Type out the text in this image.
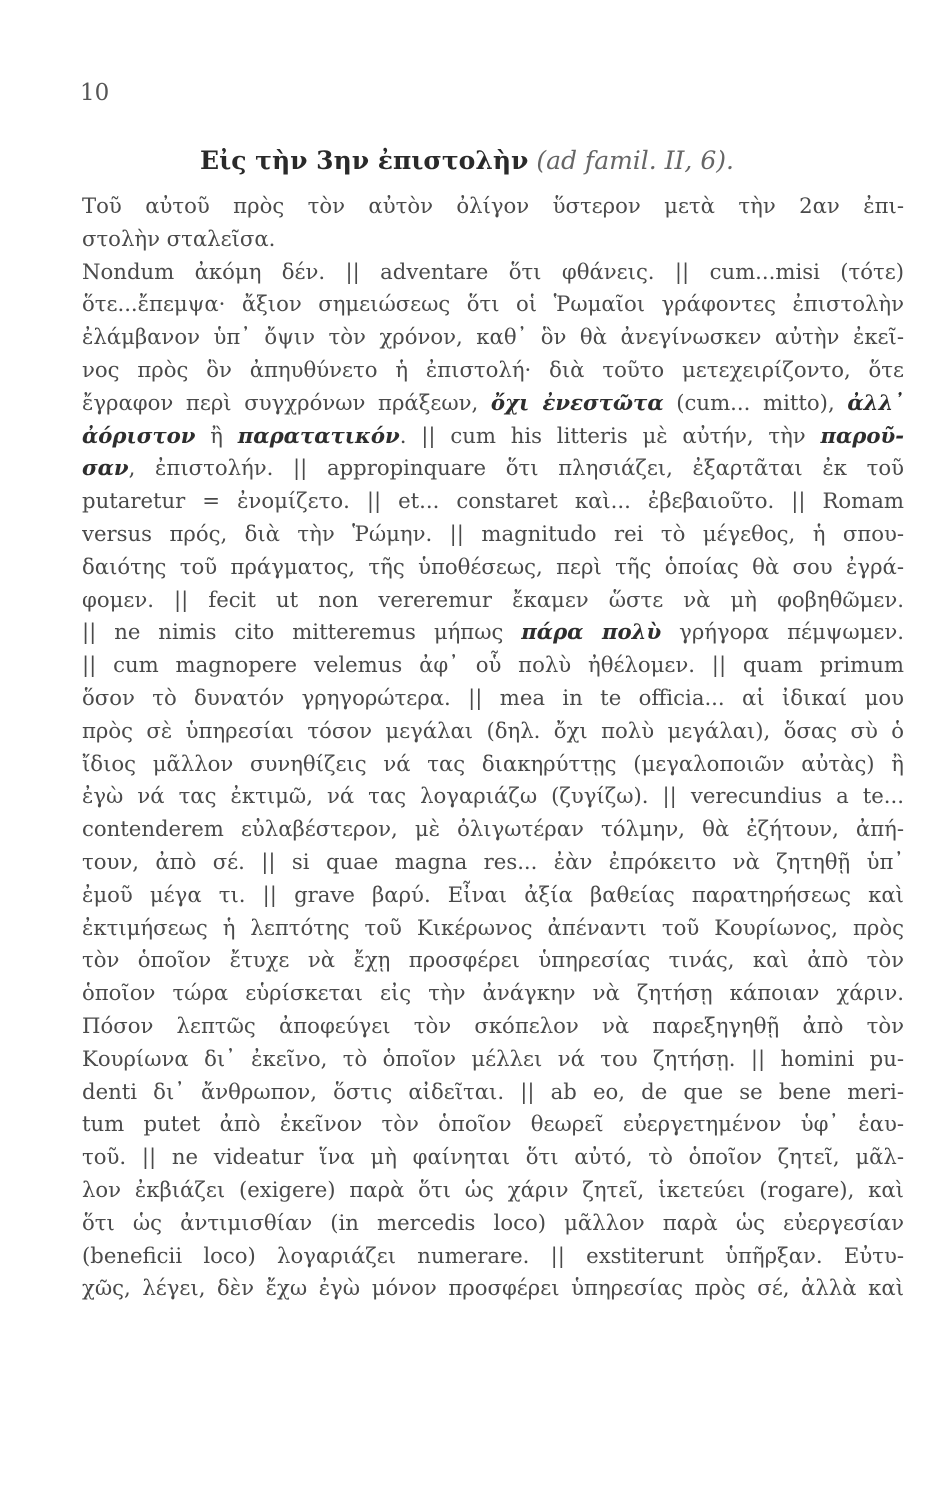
10
Εἰς τὴν 3ην ἐπιστολὴν (ad famil. II, 6).
Τοῦ αὐτοῦ πρὸς τὸν αὐτὸν ὀλίγον ὕστερον μετὰ τὴν 2αν ἐπι-
στολὴν σταλεῖσα.
Nondum ἀκόμη δέν. || adventare ὅτι φθάνεις. || cum...misi (τότε)
ὅτε...ἔπεμψα· ἄξιον σημειώσεως ὅτι οἱ Ῥωμαῖοι γράφοντες ἐπιστολὴν
ἐλάμβανον ὑπ᾽ ὄψιν τὸν χρόνον, καθ᾽ ὃν θὰ ἀνεγίνωσκεν αὐτὴν ἐκεῖ-
νος πρὸς ὃν ἀπηυθύνετο ἡ ἐπιστολή· διὰ τοῦτο μετεχειρίζοντο, ὅτε
ἔγραφον περὶ συγχρόνων πράξεων, ὄχι ἐνεστῶτα (cum... mitto), ἀλλ᾽
ἀόριστον ἢ παρατατικόν. || cum his litteris μὲ αὐτήν, τὴν παροῦ-
σαν, ἐπιστολήν. || appropinquare ὅτι πλησιάζει, ἐξαρτᾶται ἐκ τοῦ
putaretur = ἐνομίζετο. || et... constaret καὶ... ἐβεβαιοῦτο. || Romam
versus πρός, διὰ τὴν Ῥώμην. || magnitudo rei τὸ μέγεθος, ἡ σπου-
δαιότης τοῦ πράγματος, τῆς ὑποθέσεως, περὶ τῆς ὁποίας θὰ σου ἐγρά-
φομεν. || fecit ut non vereremur ἔκαμεν ὥστε νὰ μὴ φοβηθῶμεν.
|| ne nimis cito mitteremus μήπως πάρα πολὺ γρήγορα πέμψωμεν.
|| cum magnopere velemus ἀφ᾽ οὗ πολὺ ἠθέλομεν. || quam primum
ὅσον τὸ δυνατόν γρηγορώτερα. || mea in te officia... αἱ ἰδικαί μου
πρὸς σὲ ὑπηρεσίαι τόσον μεγάλαι (δηλ. ὄχι πολὺ μεγάλαι), ὅσας σὺ ὁ
ἴδιος μᾶλλον συνηθίζεις νά τας διακηρύττῃς (μεγαλοποιῶν αὐτὰς) ἢ
ἐγὼ νά τας ἐκτιμῶ, νά τας λογαριάζω (ζυγίζω). || verecundius a te...
contenderem εὐλαβέστερον, μὲ ὀλιγωτέραν τόλμην, θὰ ἐζήτουν, ἀπή-
τουν, ἀπὸ σέ. || si quae magna res... ἐὰν ἐπρόκειτο νὰ ζητηθῇ ὑπ᾽
ἐμοῦ μέγα τι. || grave βαρύ. Εἶναι ἀξία βαθείας παρατηρήσεως καὶ
ἐκτιμήσεως ἡ λεπτότης τοῦ Κικέρωνος ἀπέναντι τοῦ Κουρίωνος, πρὸς
τὸν ὁποῖον ἔτυχε νὰ ἔχῃ προσφέρει ὑπηρεσίας τινάς, καὶ ἀπὸ τὸν
ὁποῖον τώρα εὑρίσκεται εἰς τὴν ἀνάγκην νὰ ζητήσῃ κάποιαν χάριν.
Πόσον λεπτῶς ἀποφεύγει τὸν σκόπελον νὰ παρεξηγηθῇ ἀπὸ τὸν
Κουρίωνα δι᾽ ἐκεῖνο, τὸ ὁποῖον μέλλει νά του ζητήσῃ. || homini pu-
denti δι᾽ ἄνθρωπον, ὅστις αἰδεῖται. || ab eo, de que se bene meri-
tum putet ἀπὸ ἐκεῖνον τὸν ὁποῖον θεωρεῖ εὐεργετημένον ὑφ᾽ ἑαυ-
τοῦ. || ne videatur ἵνα μὴ φαίνηται ὅτι αὐτό, τὸ ὁποῖον ζητεῖ, μᾶλ-
λον ἐκβιάζει (exigere) παρὰ ὅτι ὡς χάριν ζητεῖ, ἱκετεύει (rogare), καὶ
ὅτι ὡς ἀντιμισθίαν (in mercedis loco) μᾶλλον παρὰ ὡς εὐεργεσίαν
(beneficii loco) λογαριάζει numerare. || exstiterunt ὑπῆρξαν. Εὐτυ-
χῶς, λέγει, δὲν ἔχω ἐγὼ μόνον προσφέρει ὑπηρεσίας πρὸς σέ, ἀλλὰ καὶ
